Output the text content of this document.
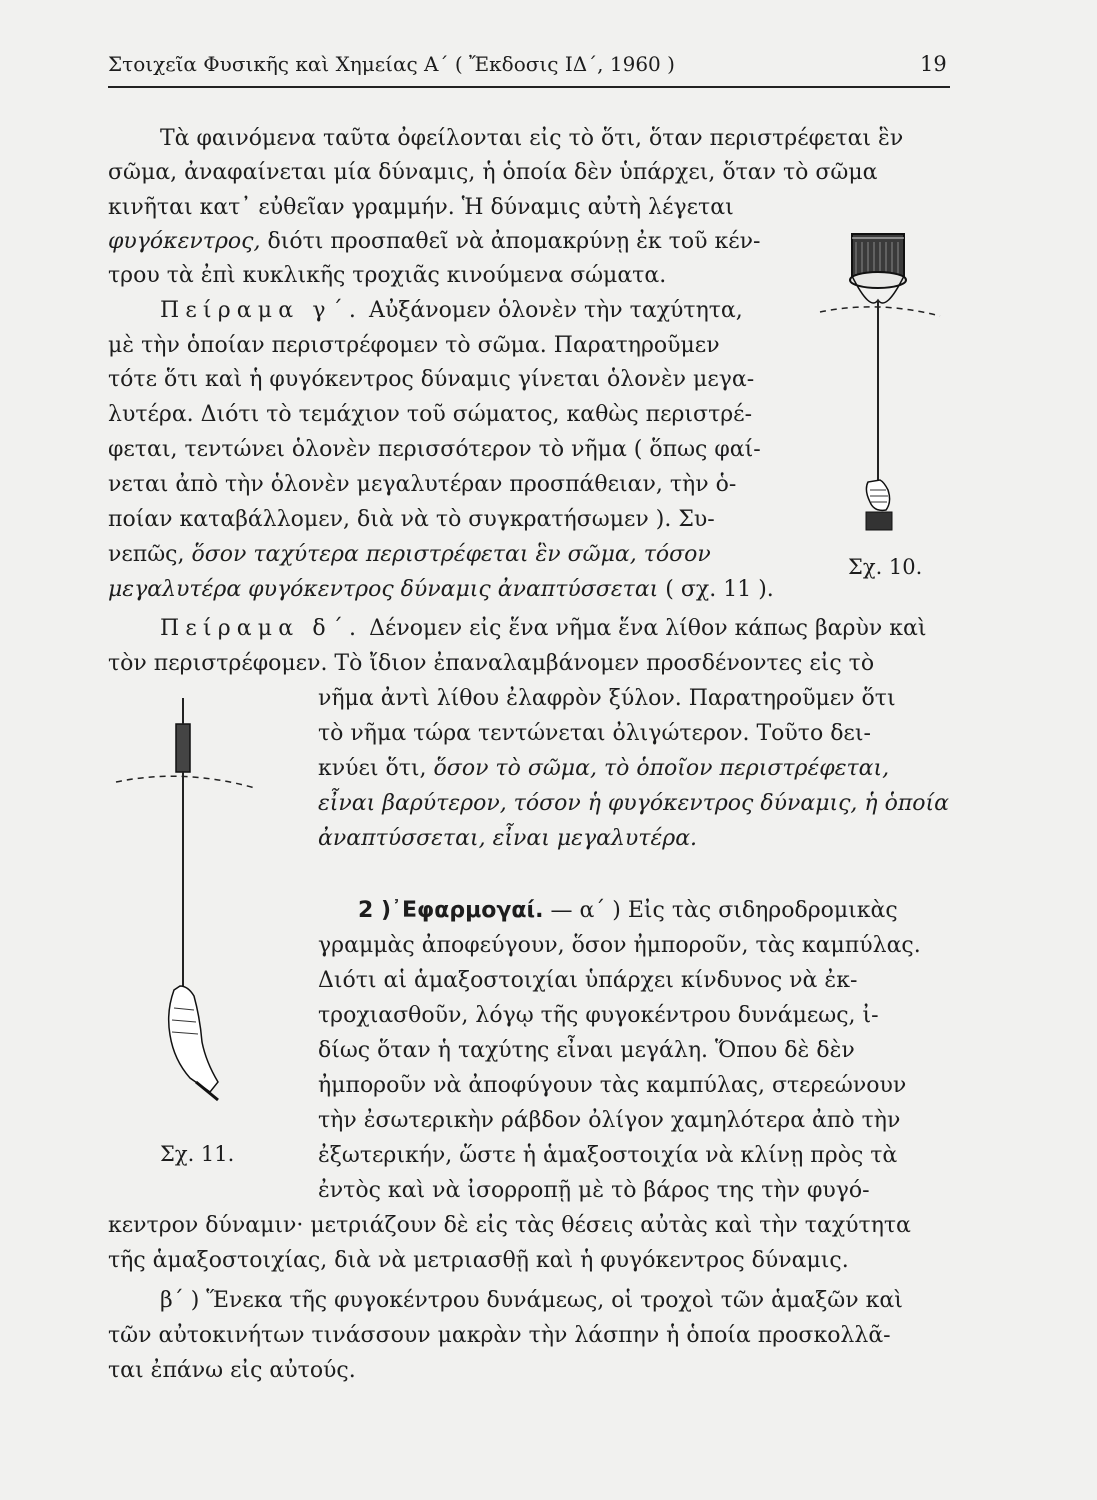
Στοιχεῖα Φυσικῆς καὶ Χημείας Α΄ ( Ἔκδοσις ΙΔ΄, 1960 )	19
Τὰ φαινόμενα ταῦτα ὀφείλονται εἰς τὸ ὅτι, ὅταν περιστρέφεται ἓν
σῶμα, ἀναφαίνεται μία δύναμις, ἡ ὁποία δὲν ὑπάρχει, ὅταν τὸ σῶμα
κινῆται κατ᾽ εὐθεῖαν γραμμήν. Ἡ δύναμις αὐτὴ λέγεται
φυγόκεντρος, διότι προσπαθεῖ νὰ ἀπομακρύνῃ ἐκ τοῦ κέν-
τρου τὰ ἐπὶ κυκλικῆς τροχιᾶς κινούμενα σώματα.
Πείραμα γ΄. Αὐξάνομεν ὁλονὲν τὴν ταχύτητα,
μὲ τὴν ὁποίαν περιστρέφομεν τὸ σῶμα. Παρατηροῦμεν
τότε ὅτι καὶ ἡ φυγόκεντρος δύναμις γίνεται ὁλονὲν μεγα-
λυτέρα. Διότι τὸ τεμάχιον τοῦ σώματος, καθὼς περιστρέ-
φεται, τεντώνει ὁλονὲν περισσότερον τὸ νῆμα ( ὅπως φαί-
νεται ἀπὸ τὴν ὁλονὲν μεγαλυτέραν προσπάθειαν, τὴν ὁ-
ποίαν καταβάλλομεν, διὰ νὰ τὸ συγκρατήσωμεν ). Συ-
νεπῶς, ὅσον ταχύτερα περιστρέφεται ἓν σῶμα, τόσον
μεγαλυτέρα φυγόκεντρος δύναμις ἀναπτύσσεται ( σχ. 11 ).
Πείραμα δ΄. Δένομεν εἰς ἕνα νῆμα ἕνα λίθον κάπως βαρὺν καὶ
τὸν περιστρέφομεν. Τὸ ἴδιον ἐπαναλαμβάνομεν προσδένοντες εἰς τὸ
νῆμα ἀντὶ λίθου ἐλαφρὸν ξύλον. Παρατηροῦμεν ὅτι
τὸ νῆμα τώρα τεντώνεται ὀλιγώτερον. Τοῦτο δει-
κνύει ὅτι, ὅσον τὸ σῶμα, τὸ ὁποῖον περιστρέφεται,
εἶναι βαρύτερον, τόσον ἡ φυγόκεντρος δύναμις, ἡ ὁποία
ἀναπτύσσεται, εἶναι μεγαλυτέρα.
2 )᾿Εφαρμογαί. — α΄ ) Εἰς τὰς σιδηροδρομικὰς
γραμμὰς ἀποφεύγουν, ὅσον ἠμποροῦν, τὰς καμπύλας.
Διότι αἱ ἁμαξοστοιχίαι ὑπάρχει κίνδυνος νὰ ἐκ-
τροχιασθοῦν, λόγῳ τῆς φυγοκέντρου δυνάμεως, ἰ-
δίως ὅταν ἡ ταχύτης εἶναι μεγάλη. Ὅπου δὲ δὲν
ἠμποροῦν νὰ ἀποφύγουν τὰς καμπύλας, στερεώνουν
τὴν ἐσωτερικὴν ράβδον ὀλίγον χαμηλότερα ἀπὸ τὴν
ἐξωτερικήν, ὥστε ἡ ἁμαξοστοιχία νὰ κλίνῃ πρὸς τὰ
ἐντὸς καὶ νὰ ἰσορροπῇ μὲ τὸ βάρος της τὴν φυγό-
κεντρον δύναμιν· μετριάζουν δὲ εἰς τὰς θέσεις αὐτὰς καὶ τὴν ταχύτητα
τῆς ἁμαξοστοιχίας, διὰ νὰ μετριασθῇ καὶ ἡ φυγόκεντρος δύναμις.
β΄ ) Ἕνεκα τῆς φυγοκέντρου δυνάμεως, οἱ τροχοὶ τῶν ἁμαξῶν καὶ
τῶν αὐτοκινήτων τινάσσουν μακρὰν τὴν λάσπην ἡ ὁποία προσκολλᾶ-
ται ἐπάνω εἰς αὐτούς.
Σχ. 10.
Σχ. 11.
